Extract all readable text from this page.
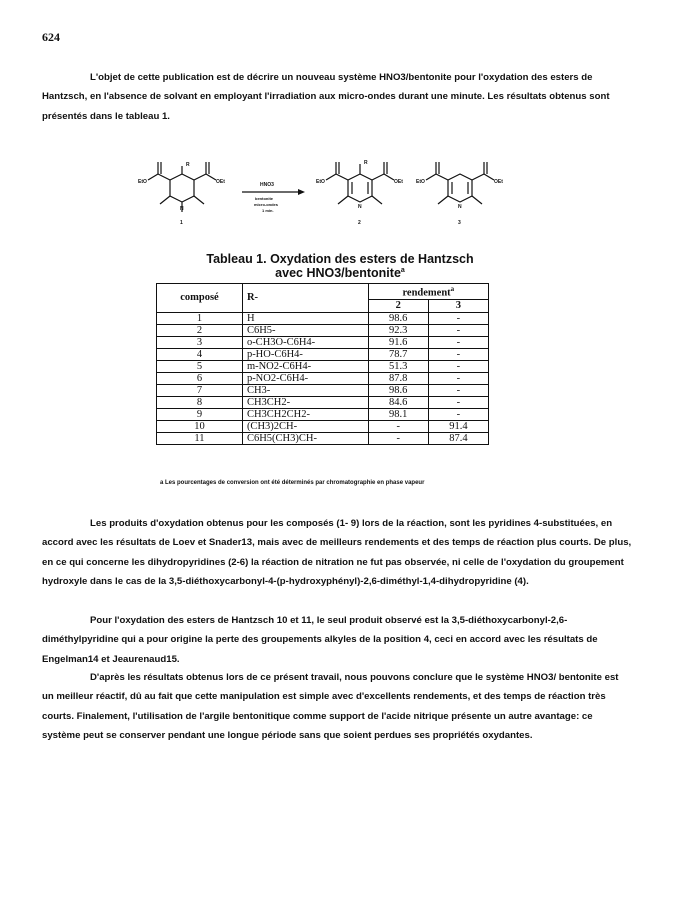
624

L'objet de cette publication est de décrire un nouveau système HNO3/bentonite pour l'oxydation des esters de Hantzsch, en l'absence de solvant en employant l'irradiation aux micro-ondes durant une minute. Les résultats obtenus sont présentés dans le tableau 1.

EtO	OEt
R
N
1
HNO3
bentonite
micro-ondes
1 min.
EtO	OEt
R
N
2
EtO	OEt
N
3
Tableau 1. Oxydation des esters de Hantzsch
avec HNO3/bentonite$^a$
composé	R-	rendement$^a$
		2	3
1	H	98.6	-
2	C6H5-	92.3	-
3	o-CH3O-C6H4-	91.6	-
4	p-HO-C6H4-	78.7	-
5	m-NO2-C6H4-	51.3	-
6	p-NO2-C6H4-	87.8	-
7	CH3-	98.6	-
8	CH3CH2-	84.6	-
9	CH3CH2CH2-	98.1	-
10	(CH3)2CH-	-	91.4
11	C6H5(CH3)CH-	-	87.4
a Les pourcentages de conversion ont été déterminés par chromatographie en phase vapeur

Les produits d'oxydation obtenus pour les composés (1- 9) lors de la réaction, sont les pyridines 4-substituées, en accord avec les résultats de Loev et Snader13, mais avec de meilleurs rendements et des temps de réaction plus courts. De plus, en ce qui concerne les dihydropyridines (2-6) la réaction de nitration ne fut pas observée, ni celle de l'oxydation du groupement hydroxyle dans le cas de la 3,5-diéthoxycarbonyl-4-(p-hydroxyphényl)-2,6-diméthyl-1,4-dihydropyridine (4).

Pour l'oxydation des esters de Hantzsch 10 et 11, le seul produit observé est la 3,5-diéthoxycarbonyl-2,6-diméthylpyridine qui a pour origine la perte des groupements alkyles de la position 4, ceci en accord avec les résultats de Engelman14 et Jeaurenaud15.

D'après les résultats obtenus lors de ce présent travail, nous pouvons conclure que le système HNO3/ bentonite est un meilleur réactif, dû au fait que cette manipulation est simple avec d'excellents rendements, et des temps de réaction très courts. Finalement, l'utilisation de l'argile bentonitique comme support de l'acide nitrique présente un autre avantage: ce système peut se conserver pendant une longue période sans que soient perdues ses propriétés oxydantes.
